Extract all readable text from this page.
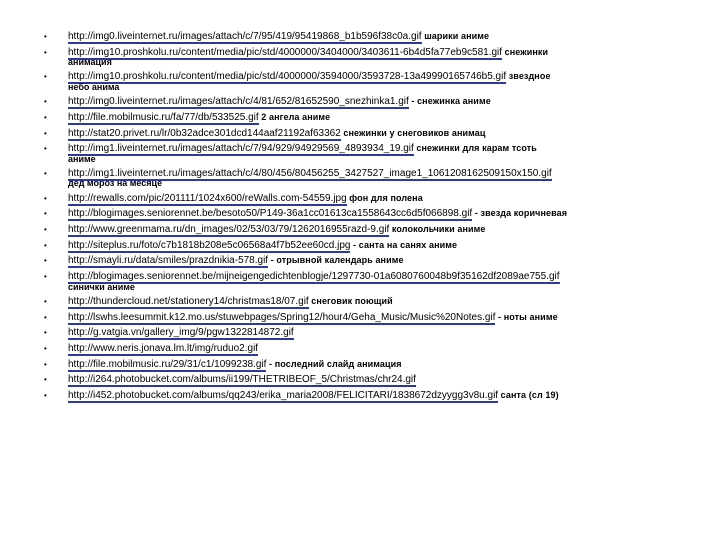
• http://img0.liveinternet.ru/images/attach/c/7/95/419/95419868_b1b596f38c0a.gif шарики аниме
• http://img10.proshkolu.ru/content/media/pic/std/4000000/3404000/3403611-6b4d5fa77eb9c581.gif снежинки
анимация
• http://img10.proshkolu.ru/content/media/pic/std/4000000/3594000/3593728-13a49990165746b5.gif звездное
небо анима
• http://img0.liveinternet.ru/images/attach/c/4/81/652/81652590_snezhinka1.gif - снежинка аниме
• http://file.mobilmusic.ru/fa/77/db/533525.gif 2 ангела аниме
• http://stat20.privet.ru/lr/0b32adce301dcd144aaf21192af63362 снежинки у снеговиков анимац
• http://img1.liveinternet.ru/images/attach/c/7/94/929/94929569_4893934_19.gif снежинки для карам тсоть
аниме
• http://img1.liveinternet.ru/images/attach/c/4/80/456/80456255_3427527_image1_1061208162509150x150.gif
дед мороз на месяце
• http://rewalls.com/pic/201111/1024x600/reWalls.com-54559.jpg фон для полена
• http://blogimages.seniorennet.be/besoto50/P149-36a1cc01613ca1558643cc6d5f066898.gif - звезда коричневая
• http://www.greenmama.ru/dn_images/02/53/03/79/1262016955razd-9.gif колокольчики аниме
• http://siteplus.ru/foto/c7b1818b208e5c06568a4f7b52ee60cd.jpg - санта на санях аниме
• http://smayli.ru/data/smiles/prazdnikia-578.gif - отрывной календарь аниме
• http://blogimages.seniorennet.be/mijneigengedichtenblogje/1297730-01a6080760048b9f35162df2089ae755.gif
синички аниме
• http://thundercloud.net/stationery14/christmas18/07.gif снеговик поющий
• http://lswhs.leesummit.k12.mo.us/stuwebpages/Spring12/hour4/Geha_Music/Music%20Notes.gif - ноты аниме
• http://g.vatgia.vn/gallery_img/9/pgw1322814872.gif
• http://www.neris.jonava.lm.lt/img/ruduo2.gif
• http://file.mobilmusic.ru/29/31/c1/1099238.gif - последний слайд анимация
• http://i264.photobucket.com/albums/ii199/THETRIBEOF_5/Christmas/chr24.gif
• http://i452.photobucket.com/albums/qq243/erika_maria2008/FELICITARI/1838672dzyygg3v8u.gif санта (сл 19)
